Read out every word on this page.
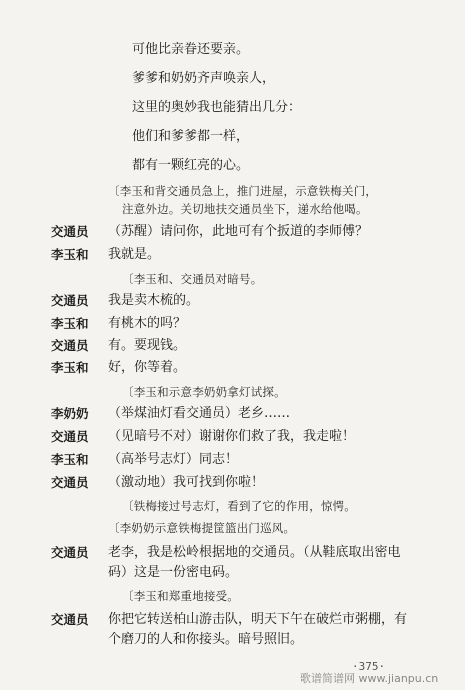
可他比亲眷还要亲。
爹爹和奶奶齐声唤亲人，
这里的奥妙我也能猜出几分：
他们和爹爹都一样，
都有一颗红亮的心。
〔李玉和背交通员急上，推门进屋，示意铁梅关门，
注意外边。关切地扶交通员坐下，递水给他喝。
交通员	（苏醒）请问你，此地可有个扳道的李师傅？
李玉和	我就是。
〔李玉和、交通员对暗号。
交通员	我是卖木梳的。
李玉和	有桃木的吗？
交通员	有。要现钱。
李玉和	好，你等着。
〔李玉和示意李奶奶拿灯试探。
李奶奶	（举煤油灯看交通员）老乡……
交通员	（见暗号不对）谢谢你们救了我，我走啦！
李玉和	（高举号志灯）同志！
交通员	（激动地）我可找到你啦！
〔铁梅接过号志灯，看到了它的作用，惊愕。
〔李奶奶示意铁梅提筐篮出门巡风。
交通员	老李，我是松岭根据地的交通员。（从鞋底取出密电
码）这是一份密电码。
〔李玉和郑重地接受。
交通员	你把它转送柏山游击队，明天下午在破烂市粥棚，有
个磨刀的人和你接头。暗号照旧。
·375·
歌谱简谱网 www.jianpu.cn
